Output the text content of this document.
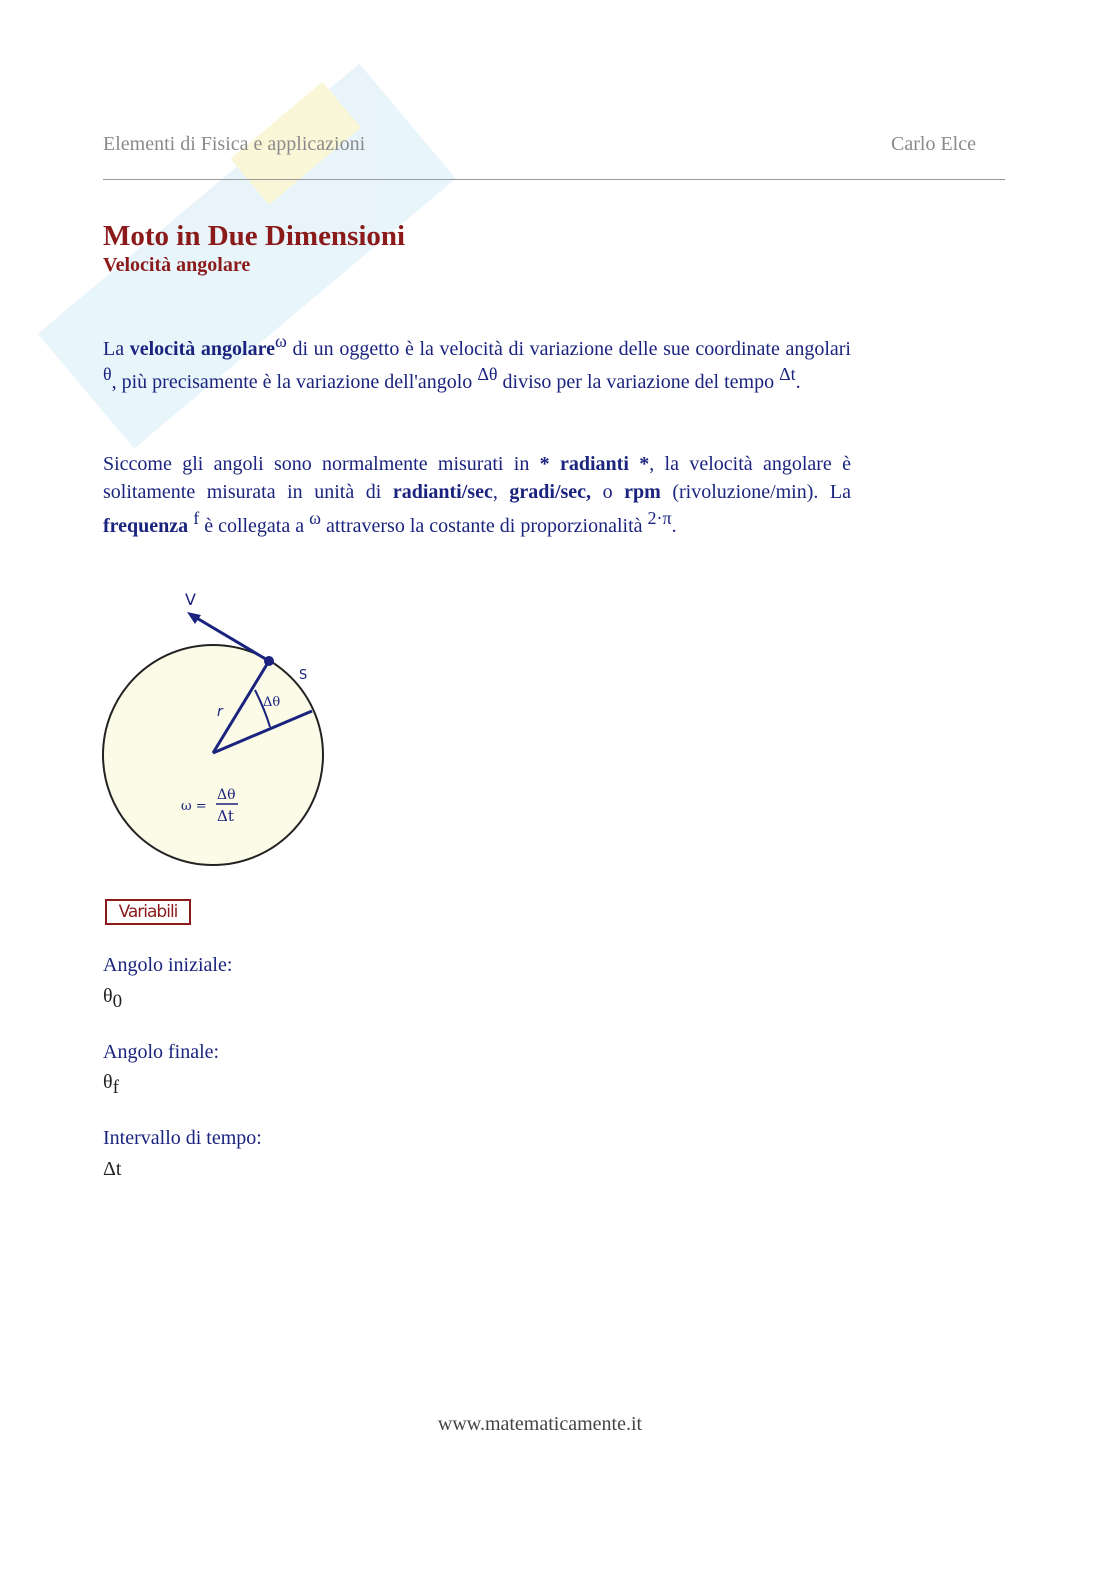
Elementi di Fisica e applicazioni	Carlo Elce
Moto in Due Dimensioni
Velocità angolare

La velocità angolareω di un oggetto è la velocità di variazione delle sue coordinate angolari θ, più precisamente è la variazione dell'angolo Δθ diviso per la variazione del tempo Δt.

Siccome gli angoli sono normalmente misurati in * radianti *, la velocità angolare è solitamente misurata in unità di radianti/sec, gradi/sec, o rpm (rivoluzione/min). La frequenza f è collegata a ω attraverso la costante di proporzionalità 2·π.

V
S
r
Δθ
ω =
Δθ
Δt
Variabili
Angolo iniziale:
$\theta_0$
Angolo finale:
$\theta_f$
Intervallo di tempo:
Δt
www.matematicamente.it
